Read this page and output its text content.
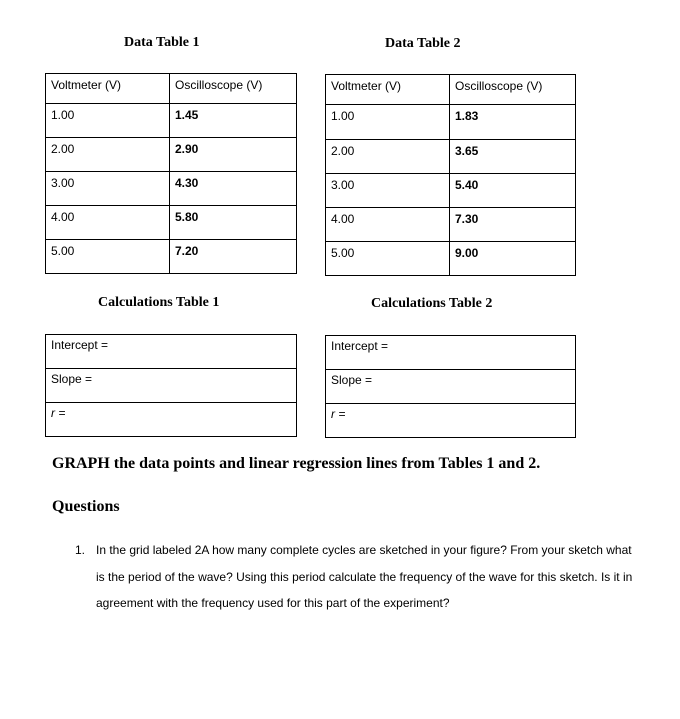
Data Table 1
Voltmeter (V)	Oscilloscope (V)
1.00	1.45
2.00	2.90
3.00	4.30
4.00	5.80
5.00	7.20
Data Table 2
Voltmeter (V)	Oscilloscope (V)
1.00	1.83
2.00	3.65
3.00	5.40
4.00	7.30
5.00	9.00
Calculations Table 1
Intercept =
Slope =
r =
Calculations Table 2
Intercept =
Slope =
r =
GRAPH the data points and linear regression lines from Tables 1 and 2.
Questions
1. In the grid labeled 2A how many complete cycles are sketched in your figure? From your sketch what is the period of the wave? Using this period calculate the frequency of the wave for this sketch. Is it in agreement with the frequency used for this part of the experiment?
